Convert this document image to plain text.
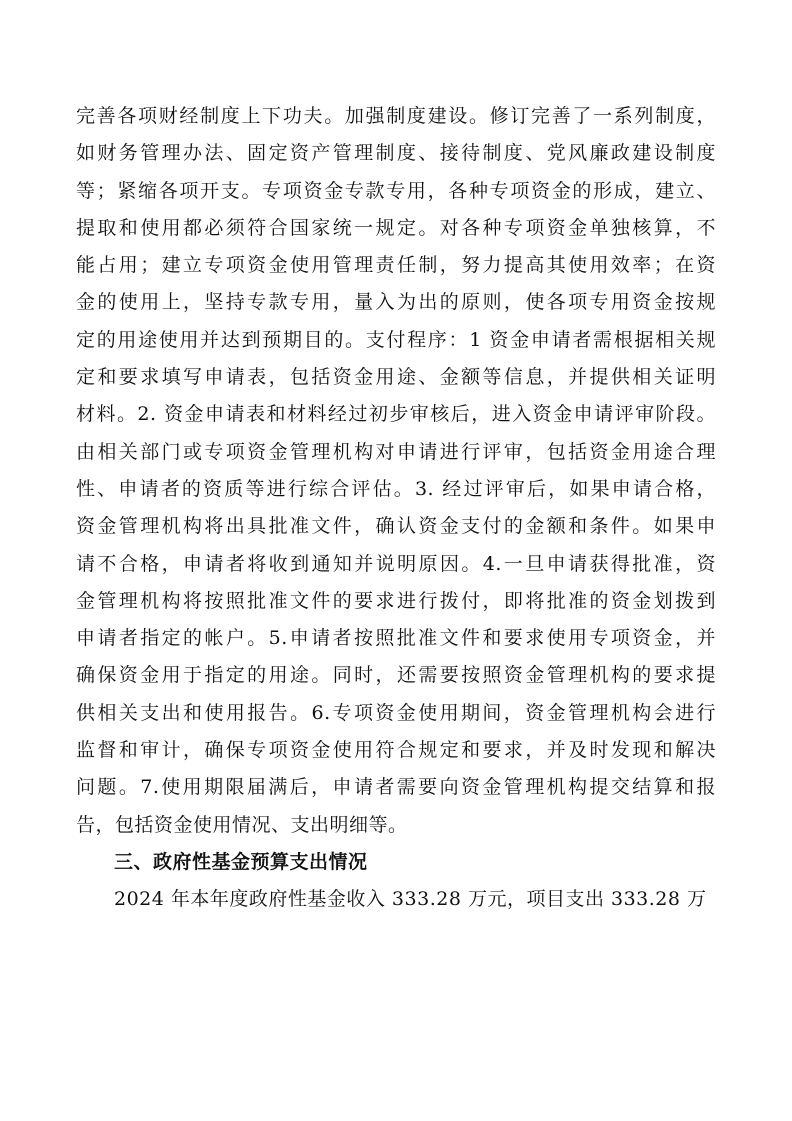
完善各项财经制度上下功夫。加强制度建设。修订完善了一系列制度，
如财务管理办法、固定资产管理制度、接待制度、党风廉政建设制度
等；紧缩各项开支。专项资金专款专用，各种专项资金的形成，建立、
提取和使用都必须符合国家统一规定。对各种专项资金单独核算，不
能占用；建立专项资金使用管理责任制，努力提高其使用效率；在资
金的使用上，坚持专款专用，量入为出的原则，使各项专用资金按规
定的用途使用并达到预期目的。支付程序：1 资金申请者需根据相关规
定和要求填写申请表，包括资金用途、金额等信息，并提供相关证明
材料。2. 资金申请表和材料经过初步审核后，进入资金申请评审阶段。
由相关部门或专项资金管理机构对申请进行评审，包括资金用途合理
性、申请者的资质等进行综合评估。3. 经过评审后，如果申请合格，
资金管理机构将出具批准文件，确认资金支付的金额和条件。如果申
请不合格，申请者将收到通知并说明原因。4.一旦申请获得批准，资
金管理机构将按照批准文件的要求进行拨付，即将批准的资金划拨到
申请者指定的帐户。5.申请者按照批准文件和要求使用专项资金，并
确保资金用于指定的用途。同时，还需要按照资金管理机构的要求提
供相关支出和使用报告。6.专项资金使用期间，资金管理机构会进行
监督和审计，确保专项资金使用符合规定和要求，并及时发现和解决
问题。7.使用期限届满后，申请者需要向资金管理机构提交结算和报
告，包括资金使用情况、支出明细等。
三、政府性基金预算支出情况
2024 年本年度政府性基金收入 333.28 万元，项目支出 333.28 万
